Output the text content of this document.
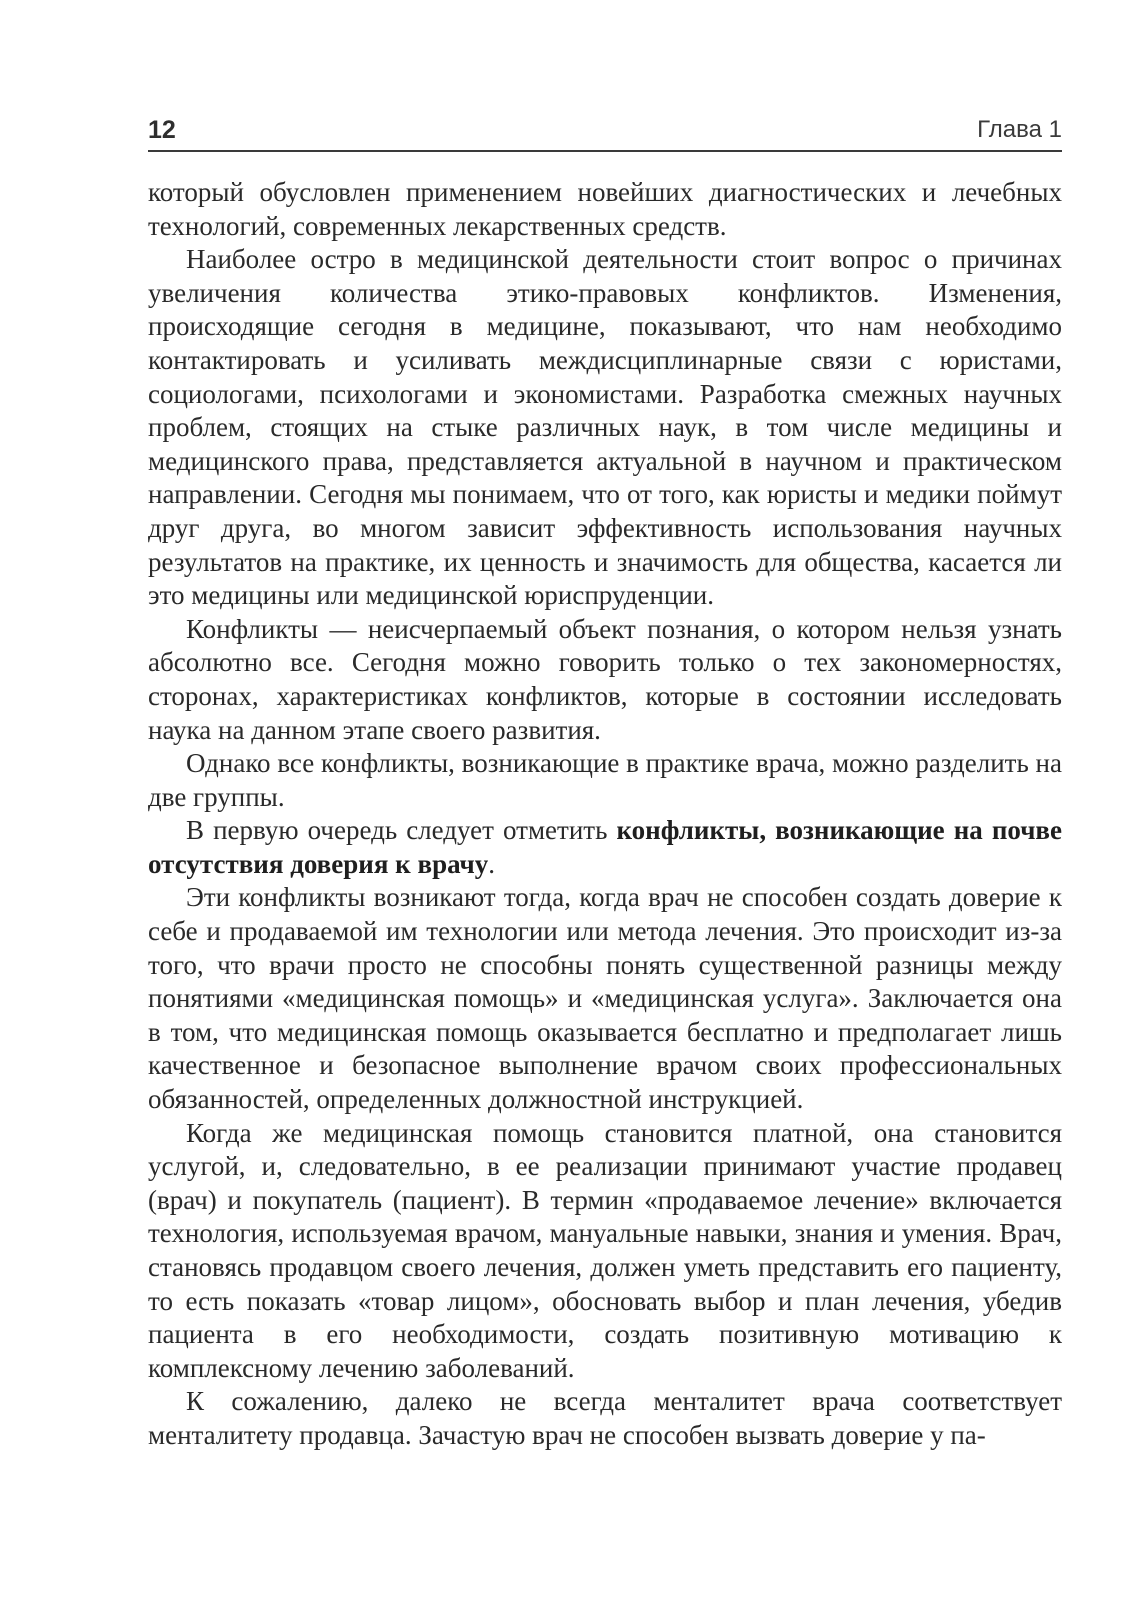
12	Глава 1

который обусловлен применением новейших диагностических и лечебных технологий, современных лекарственных средств.

Наиболее остро в медицинской деятельности стоит вопрос о причинах увеличения количества этико-правовых конфликтов. Изменения, происходящие сегодня в медицине, показывают, что нам необходимо контактировать и усиливать междисциплинарные связи с юристами, социологами, психологами и экономистами. Разработка смежных научных проблем, стоящих на стыке различных наук, в том числе медицины и медицинского права, представляется актуальной в научном и практическом направлении. Сегодня мы понимаем, что от того, как юристы и медики поймут друг друга, во многом зависит эффективность использования научных результатов на практике, их ценность и значимость для общества, касается ли это медицины или медицинской юриспруденции.

Конфликты — неисчерпаемый объект познания, о котором нельзя узнать абсолютно все. Сегодня можно говорить только о тех закономерностях, сторонах, характеристиках конфликтов, которые в состоянии исследовать наука на данном этапе своего развития.

Однако все конфликты, возникающие в практике врача, можно разделить на две группы.

В первую очередь следует отметить конфликты, возникающие на почве отсутствия доверия к врачу.

Эти конфликты возникают тогда, когда врач не способен создать доверие к себе и продаваемой им технологии или метода лечения. Это происходит из-за того, что врачи просто не способны понять существенной разницы между понятиями «медицинская помощь» и «медицинская услуга». Заключается она в том, что медицинская помощь оказывается бесплатно и предполагает лишь качественное и безопасное выполнение врачом своих профессиональных обязанностей, определенных должностной инструкцией.

Когда же медицинская помощь становится платной, она становится услугой, и, следовательно, в ее реализации принимают участие продавец (врач) и покупатель (пациент). В термин «продаваемое лечение» включается технология, используемая врачом, мануальные навыки, знания и умения. Врач, становясь продавцом своего лечения, должен уметь представить его пациенту, то есть показать «товар лицом», обосновать выбор и план лечения, убедив пациента в его необходимости, создать позитивную мотивацию к комплексному лечению заболеваний.

К сожалению, далеко не всегда менталитет врача соответствует менталитету продавца. Зачастую врач не способен вызвать доверие у па-
